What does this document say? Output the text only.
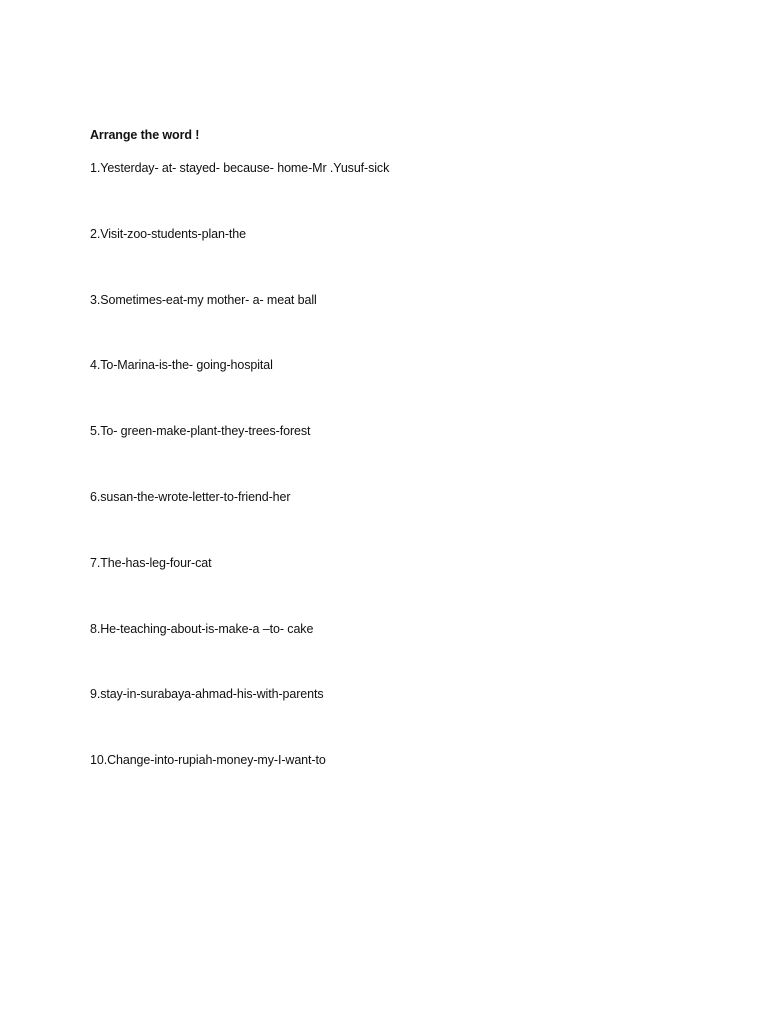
Arrange the word !

1.Yesterday- at- stayed- because- home-Mr .Yusuf-sick
2.Visit-zoo-students-plan-the
3.Sometimes-eat-my mother- a- meat ball
4.To-Marina-is-the- going-hospital
5.To- green-make-plant-they-trees-forest
6.susan-the-wrote-letter-to-friend-her
7.The-has-leg-four-cat
8.He-teaching-about-is-make-a –to- cake
9.stay-in-surabaya-ahmad-his-with-parents
10.Change-into-rupiah-money-my-I-want-to
